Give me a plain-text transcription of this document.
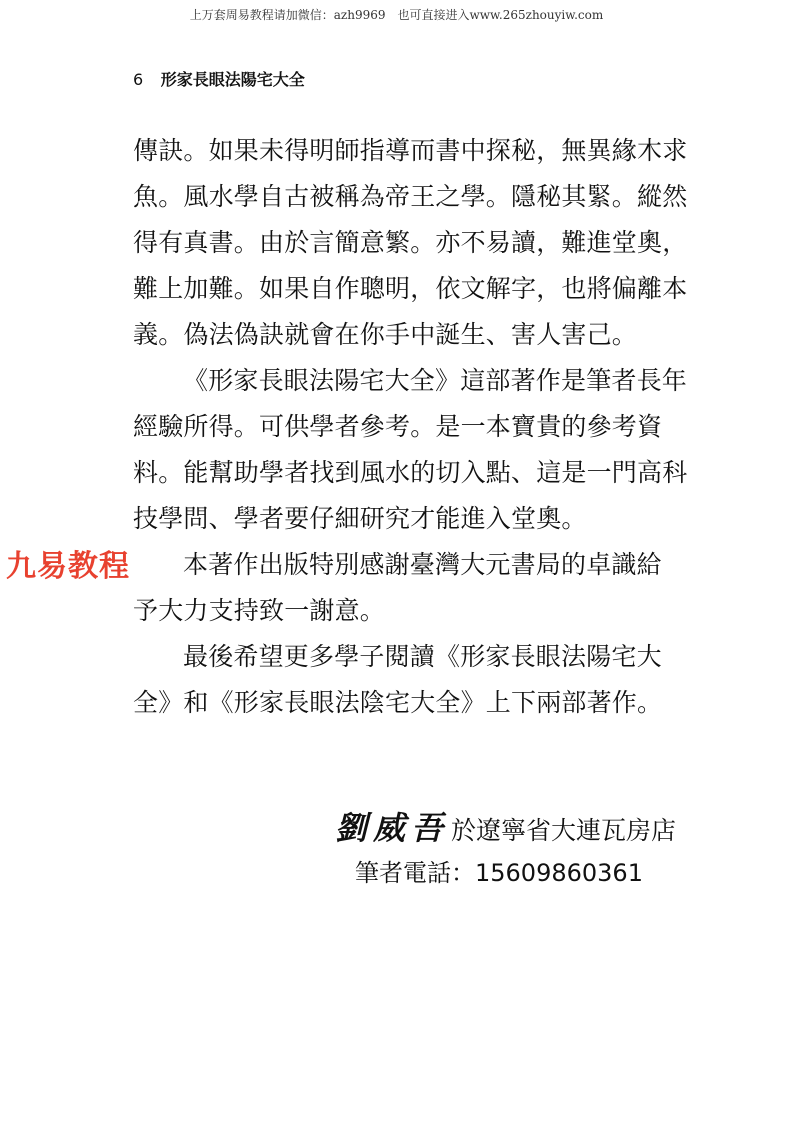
上万套周易教程请加微信：azh9969　也可直接进入www.265zhouyiw.com
6 形家長眼法陽宅大全
傳訣。如果未得明師指導而書中探秘，無異緣木求
魚。風水學自古被稱為帝王之學。隱秘其緊。縱然
得有真書。由於言簡意繁。亦不易讀，難進堂奧，
難上加難。如果自作聰明，依文解字，也將偏離本
義。偽法偽訣就會在你手中誕生、害人害己。
《形家長眼法陽宅大全》這部著作是筆者長年
經驗所得。可供學者參考。是一本寶貴的參考資
料。能幫助學者找到風水的切入點、這是一門高科
技學問、學者要仔細研究才能進入堂奧。
本著作出版特別感謝臺灣大元書局的卓識給
予大力支持致一謝意。
最後希望更多學子閱讀《形家長眼法陽宅大
全》和《形家長眼法陰宅大全》上下兩部著作。
九易教程
劉威吾於遼寧省大連瓦房店
筆者電話：15609860361
